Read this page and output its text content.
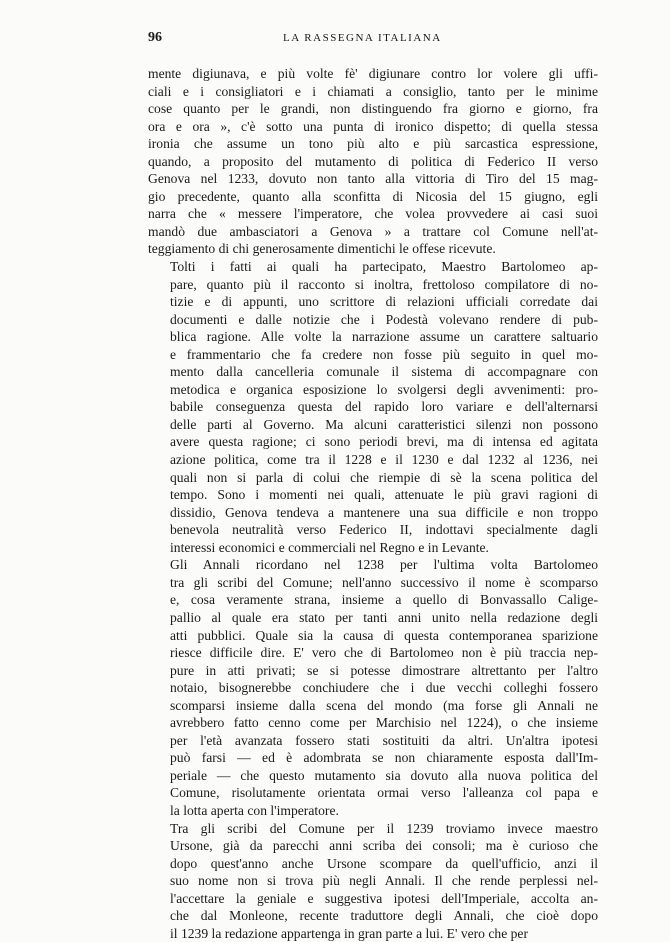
96	LA RASSEGNA ITALIANA

mente digiunava, e più volte fè' digiunare contro lor volere gli uffi-
ciali e i consigliatori e i chiamati a consiglio, tanto per le minime
cose quanto per le grandi, non distinguendo fra giorno e giorno, fra
ora e ora », c'è sotto una punta di ironico dispetto; di quella stessa
ironia che assume un tono più alto e più sarcastica espressione,
quando, a proposito del mutamento di politica di Federico II verso
Genova nel 1233, dovuto non tanto alla vittoria di Tiro del 15 mag-
gio precedente, quanto alla sconfitta di Nicosia del 15 giugno, egli
narra che « messere l'imperatore, che volea provvedere ai casi suoi
mandò due ambasciatori a Genova » a trattare col Comune nell'at-
teggiamento di chi generosamente dimentichi le offese ricevute.

Tolti i fatti ai quali ha partecipato, Maestro Bartolomeo ap-
pare, quanto più il racconto si inoltra, frettoloso compilatore di no-
tizie e di appunti, uno scrittore di relazioni ufficiali corredate dai
documenti e dalle notizie che i Podestà volevano rendere di pub-
blica ragione. Alle volte la narrazione assume un carattere saltuario
e frammentario che fa credere non fosse più seguito in quel mo-
mento dalla cancelleria comunale il sistema di accompagnare con
metodica e organica esposizione lo svolgersi degli avvenimenti: pro-
babile conseguenza questa del rapido loro variare e dell'alternarsi
delle parti al Governo. Ma alcuni caratteristici silenzi non possono
avere questa ragione; ci sono periodi brevi, ma di intensa ed agitata
azione politica, come tra il 1228 e il 1230 e dal 1232 al 1236, nei
quali non si parla di colui che riempie di sè la scena politica del
tempo. Sono i momenti nei quali, attenuate le più gravi ragioni di
dissidio, Genova tendeva a mantenere una sua difficile e non troppo
benevola neutralità verso Federico II, indottavi specialmente dagli
interessi economici e commerciali nel Regno e in Levante.

Gli Annali ricordano nel 1238 per l'ultima volta Bartolomeo
tra gli scribi del Comune; nell'anno successivo il nome è scomparso
e, cosa veramente strana, insieme a quello di Bonvassallo Calige-
pallio al quale era stato per tanti anni unito nella redazione degli
atti pubblici. Quale sia la causa di questa contemporanea sparizione
riesce difficile dire. E' vero che di Bartolomeo non è più traccia nep-
pure in atti privati; se si potesse dimostrare altrettanto per l'altro
notaio, bisognerebbe conchiudere che i due vecchi colleghi fossero
scomparsi insieme dalla scena del mondo (ma forse gli Annali ne
avrebbero fatto cenno come per Marchisio nel 1224), o che insieme
per l'età avanzata fossero stati sostituiti da altri. Un'altra ipotesi
può farsi — ed è adombrata se non chiaramente esposta dall'Im-
periale — che questo mutamento sia dovuto alla nuova politica del
Comune, risolutamente orientata ormai verso l'alleanza col papa e
la lotta aperta con l'imperatore.

Tra gli scribi del Comune per il 1239 troviamo invece maestro
Ursone, già da parecchi anni scriba dei consoli; ma è curioso che
dopo quest'anno anche Ursone scompare da quell'ufficio, anzi il
suo nome non si trova più negli Annali. Il che rende perplessi nel-
l'accettare la geniale e suggestiva ipotesi dell'Imperiale, accolta an-
che dal Monleone, recente traduttore degli Annali, che cioè dopo
il 1239 la redazione appartenga in gran parte a lui. E' vero che per
